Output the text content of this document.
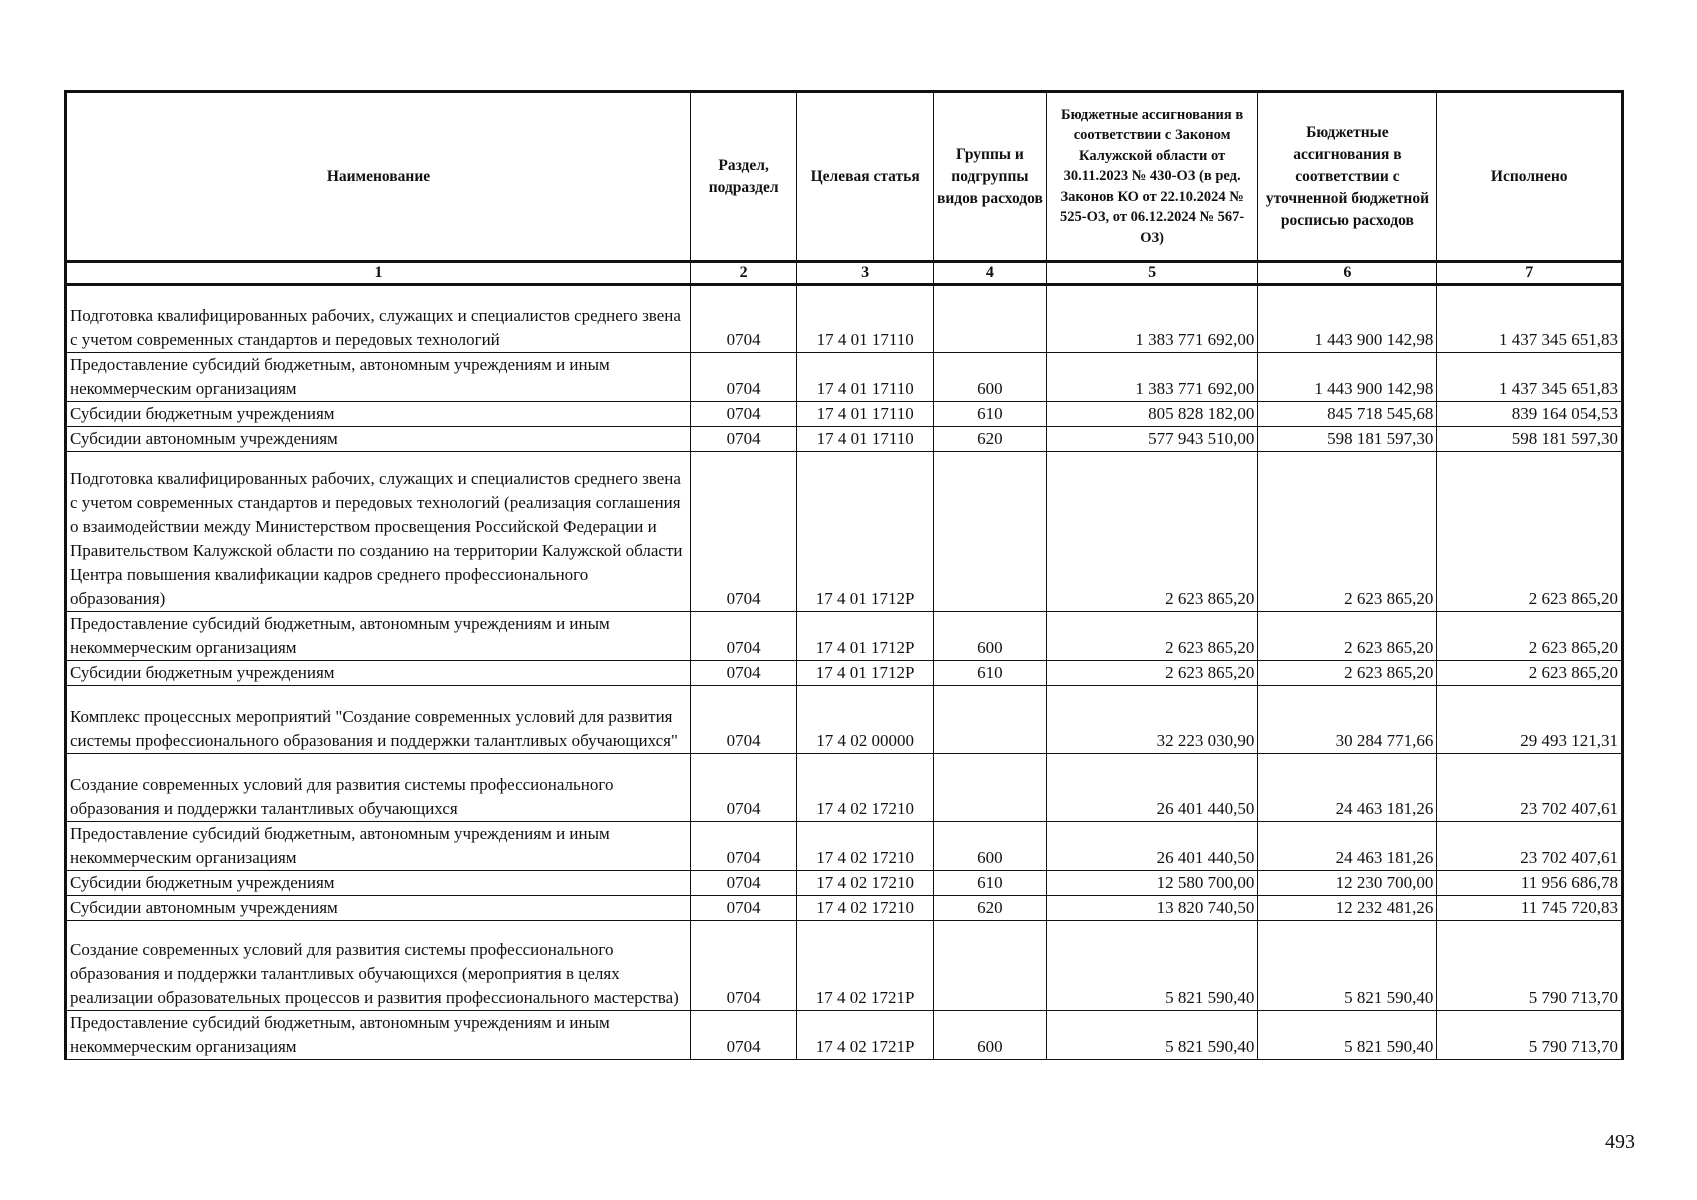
Наименование	Раздел, подраздел	Целевая статья	Группы и подгруппы видов расходов	Бюджетные ассигнования в соответствии с Законом Калужской области от 30.11.2023 № 430-ОЗ (в ред. Законов КО от 22.10.2024 № 525-ОЗ, от 06.12.2024 № 567-ОЗ)	Бюджетные ассигнования в соответствии с уточненной бюджетной росписью расходов	Исполнено
1	2	3	4	5	6	7
Подготовка квалифицированных рабочих, служащих и специалистов среднего звена с учетом современных стандартов и передовых технологий	0704	17 4 01 17110		1 383 771 692,00	1 443 900 142,98	1 437 345 651,83
Предоставление субсидий бюджетным, автономным учреждениям и иным некоммерческим организациям	0704	17 4 01 17110	600	1 383 771 692,00	1 443 900 142,98	1 437 345 651,83
Субсидии бюджетным учреждениям	0704	17 4 01 17110	610	805 828 182,00	845 718 545,68	839 164 054,53
Субсидии автономным учреждениям	0704	17 4 01 17110	620	577 943 510,00	598 181 597,30	598 181 597,30
Подготовка квалифицированных рабочих, служащих и специалистов среднего звена с учетом современных стандартов и передовых технологий (реализация соглашения о взаимодействии между Министерством просвещения Российской Федерации и Правительством Калужской области по созданию на территории Калужской области Центра повышения квалификации кадров среднего профессионального образования)	0704	17 4 01 1712Р		2 623 865,20	2 623 865,20	2 623 865,20
Предоставление субсидий бюджетным, автономным учреждениям и иным некоммерческим организациям	0704	17 4 01 1712Р	600	2 623 865,20	2 623 865,20	2 623 865,20
Субсидии бюджетным учреждениям	0704	17 4 01 1712Р	610	2 623 865,20	2 623 865,20	2 623 865,20
Комплекс процессных мероприятий "Создание современных условий для развития системы профессионального образования и поддержки талантливых обучающихся"	0704	17 4 02 00000		32 223 030,90	30 284 771,66	29 493 121,31
Создание современных условий для развития системы профессионального образования и поддержки талантливых обучающихся	0704	17 4 02 17210		26 401 440,50	24 463 181,26	23 702 407,61
Предоставление субсидий бюджетным, автономным учреждениям и иным некоммерческим организациям	0704	17 4 02 17210	600	26 401 440,50	24 463 181,26	23 702 407,61
Субсидии бюджетным учреждениям	0704	17 4 02 17210	610	12 580 700,00	12 230 700,00	11 956 686,78
Субсидии автономным учреждениям	0704	17 4 02 17210	620	13 820 740,50	12 232 481,26	11 745 720,83
Создание современных условий для развития системы профессионального образования и поддержки талантливых обучающихся (мероприятия в целях реализации образовательных процессов и развития профессионального мастерства)	0704	17 4 02 1721Р		5 821 590,40	5 821 590,40	5 790 713,70
Предоставление субсидий бюджетным, автономным учреждениям и иным некоммерческим организациям	0704	17 4 02 1721Р	600	5 821 590,40	5 821 590,40	5 790 713,70
493
